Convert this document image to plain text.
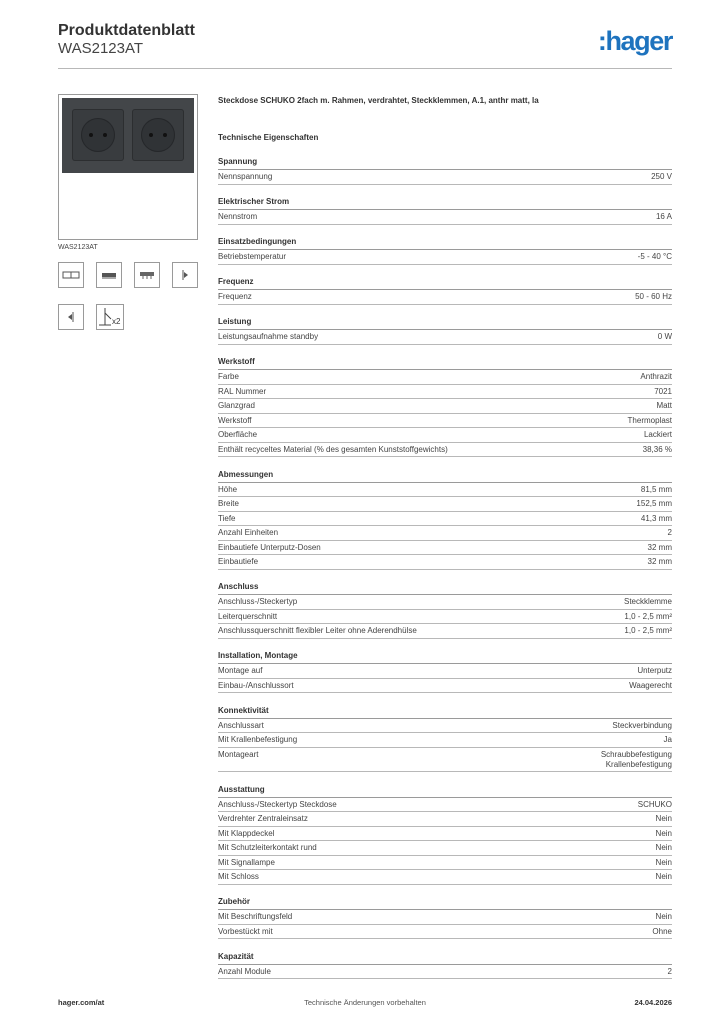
Produktdatenblatt
WAS2123AT	:hager
WAS2123AT
x2
Steckdose SCHUKO 2fach m. Rahmen, verdrahtet, Steckklemmen, A.1, anthr matt, la
Technische Eigenschaften
Spannung
Nennspannung	250 V
Elektrischer Strom
Nennstrom	16 A
Einsatzbedingungen
Betriebstemperatur	-5 - 40 °C
Frequenz
Frequenz	50 - 60 Hz
Leistung
Leistungsaufnahme standby	0 W
Werkstoff
Farbe	Anthrazit
RAL Nummer	7021
Glanzgrad	Matt
Werkstoff	Thermoplast
Oberfläche	Lackiert
Enthält recyceltes Material (% des gesamten Kunststoffgewichts)	38,36 %
Abmessungen
Höhe	81,5 mm
Breite	152,5 mm
Tiefe	41,3 mm
Anzahl Einheiten	2
Einbautiefe Unterputz-Dosen	32 mm
Einbautiefe	32 mm
Anschluss
Anschluss-/Steckertyp	Steckklemme
Leiterquerschnitt	1,0 - 2,5 mm²
Anschlussquerschnitt flexibler Leiter ohne Aderendhülse	1,0 - 2,5 mm²
Installation, Montage
Montage auf	Unterputz
Einbau-/Anschlussort	Waagerecht
Konnektivität
Anschlussart	Steckverbindung
Mit Krallenbefestigung	Ja
Montageart	Schraubbefestigung
Krallenbefestigung
Ausstattung
Anschluss-/Steckertyp Steckdose	SCHUKO
Verdrehter Zentraleinsatz	Nein
Mit Klappdeckel	Nein
Mit Schutzleiterkontakt rund	Nein
Mit Signallampe	Nein
Mit Schloss	Nein
Zubehör
Mit Beschriftungsfeld	Nein
Vorbestückt mit	Ohne
Kapazität
Anzahl Module	2
hager.com/at	Technische Änderungen vorbehalten	24.04.2026
